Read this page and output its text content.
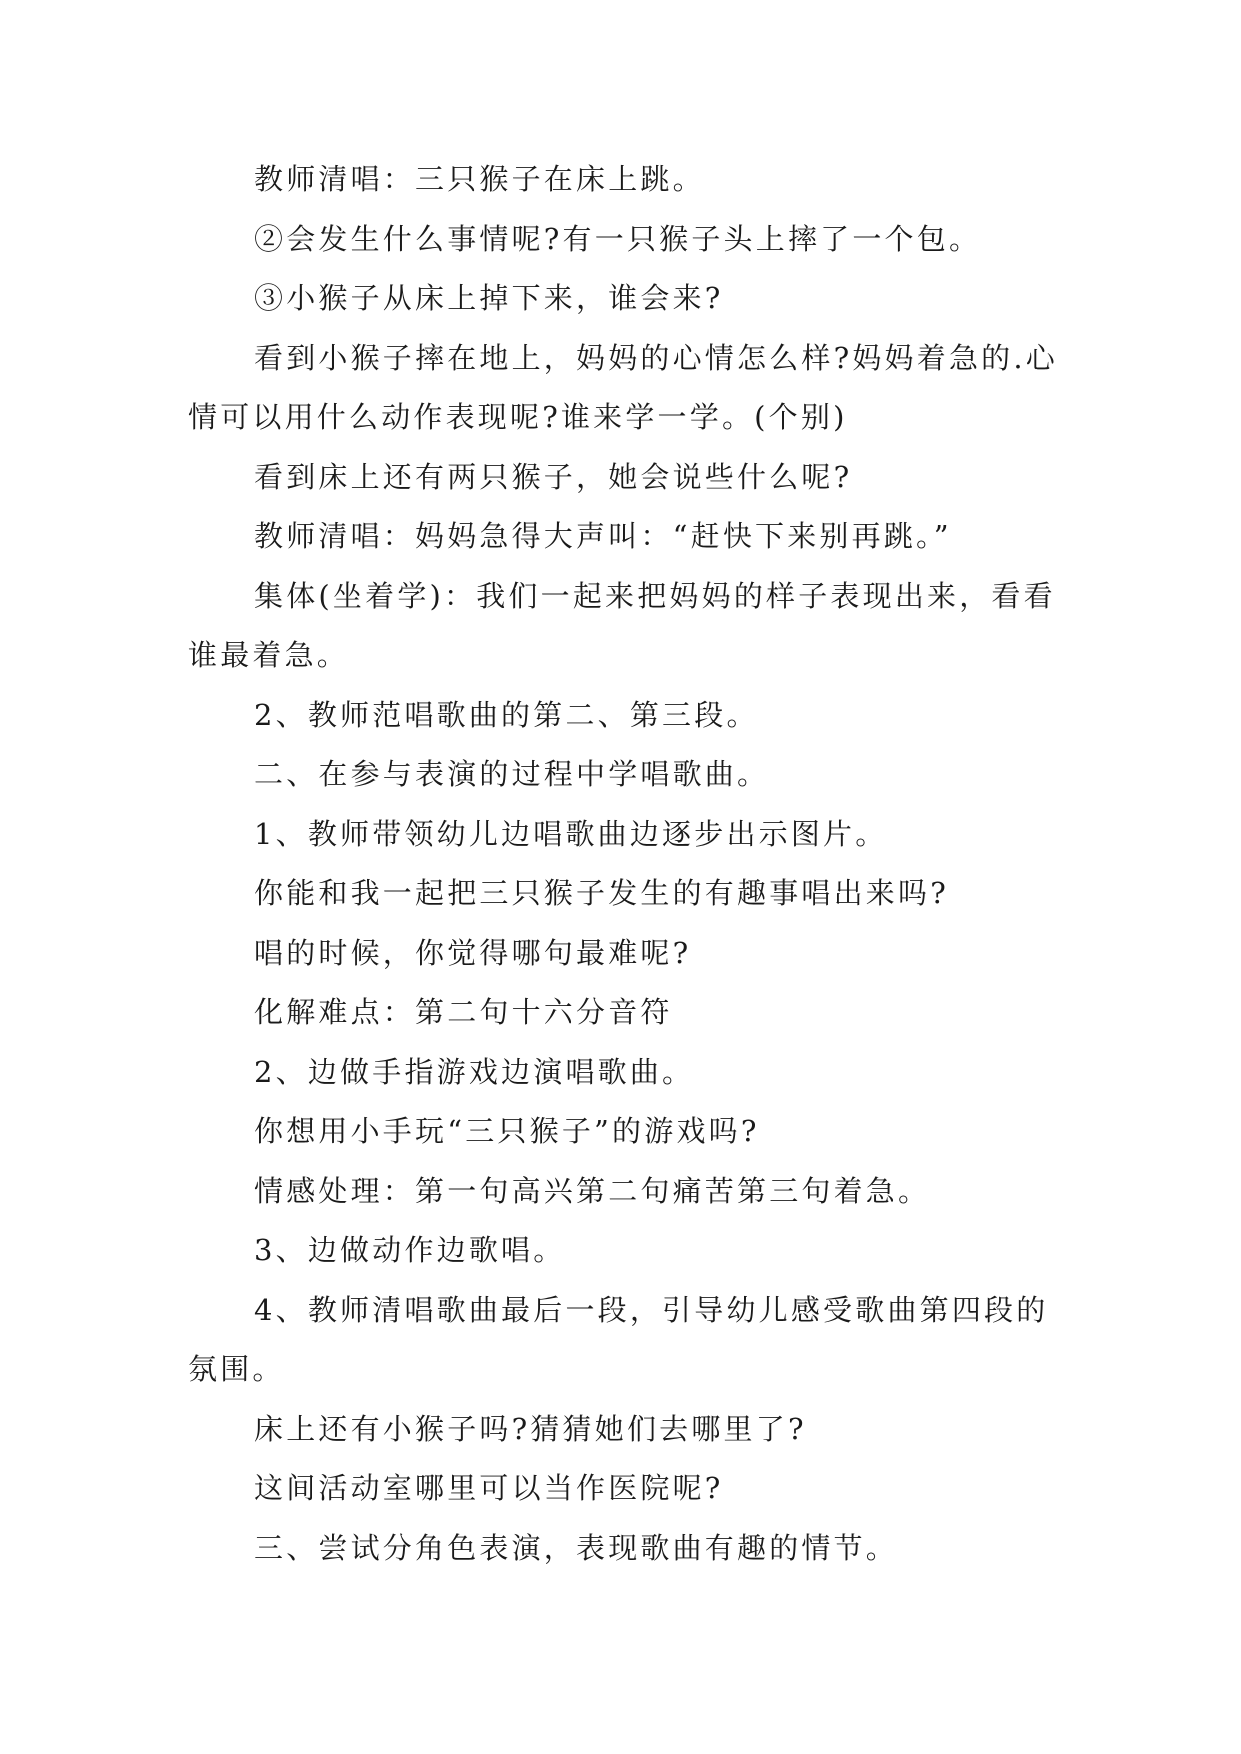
教师清唱：三只猴子在床上跳。

②会发生什么事情呢?有一只猴子头上摔了一个包。

③小猴子从床上掉下来，谁会来?

看到小猴子摔在地上，妈妈的心情怎么样?妈妈着急的.心情可以用什么动作表现呢?谁来学一学。(个别)

看到床上还有两只猴子，她会说些什么呢?

教师清唱：妈妈急得大声叫：“赶快下来别再跳。”

集体(坐着学)：我们一起来把妈妈的样子表现出来，看看谁最着急。

2、教师范唱歌曲的第二、第三段。

二、在参与表演的过程中学唱歌曲。

1、教师带领幼儿边唱歌曲边逐步出示图片。

你能和我一起把三只猴子发生的有趣事唱出来吗?

唱的时候，你觉得哪句最难呢?

化解难点：第二句十六分音符

2、边做手指游戏边演唱歌曲。

你想用小手玩“三只猴子”的游戏吗?

情感处理：第一句高兴第二句痛苦第三句着急。

3、边做动作边歌唱。

4、教师清唱歌曲最后一段，引导幼儿感受歌曲第四段的氛围。

床上还有小猴子吗?猜猜她们去哪里了?

这间活动室哪里可以当作医院呢?

三、尝试分角色表演，表现歌曲有趣的情节。
